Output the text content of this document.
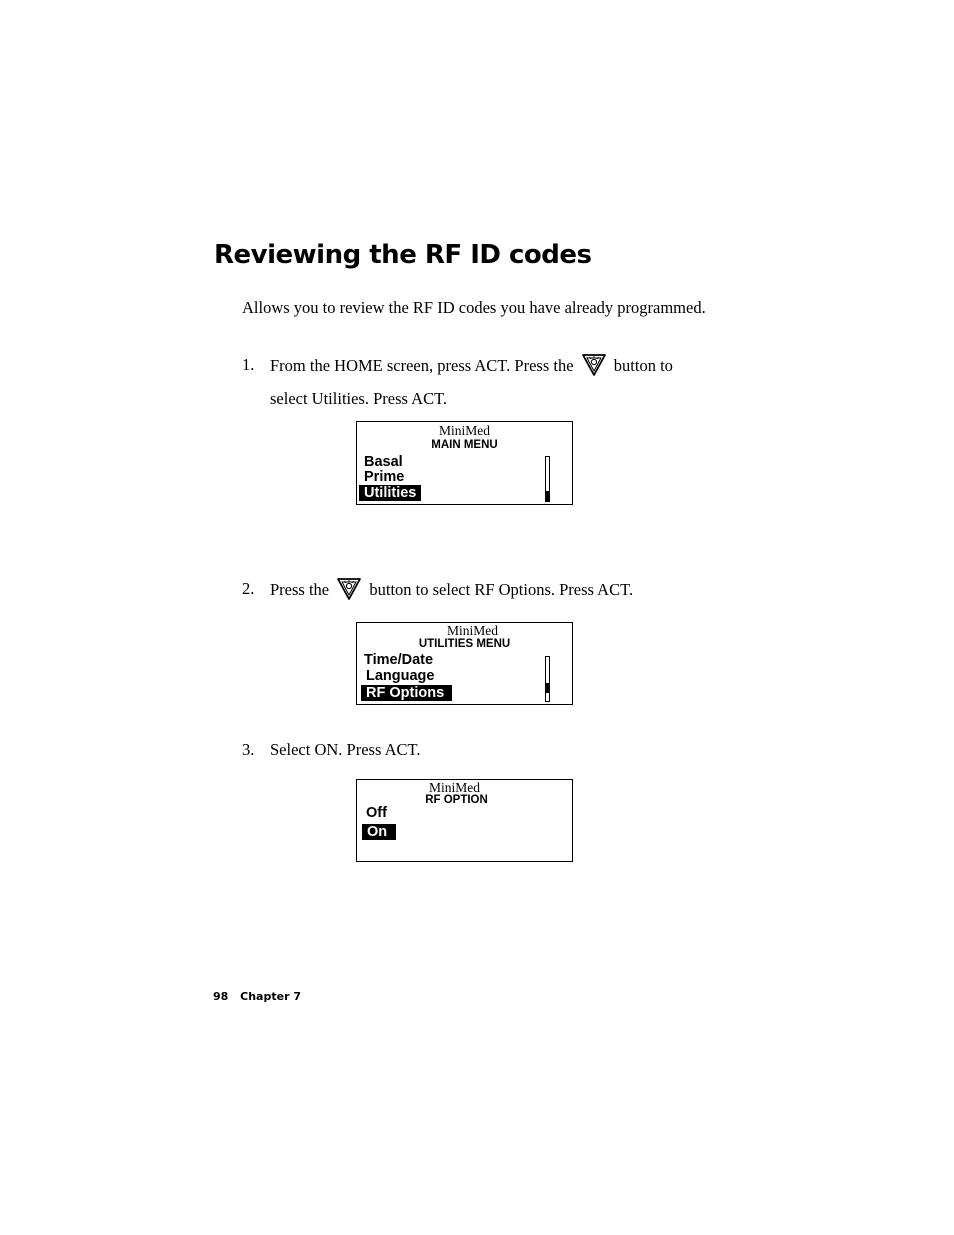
Reviewing the RF ID codes

Allows you to review the RF ID codes you have already programmed.

1. From the HOME screen, press ACT. Press the button to select Utilities. Press ACT.
MiniMed
MAIN MENU
Basal
Prime
Utilities
2. Press the button to select RF Options. Press ACT.
MiniMed
UTILITIES MENU
Time/Date
Language
RF Options
3. Select ON. Press ACT.
MiniMed
RF OPTION
Off
On
98 Chapter 7
